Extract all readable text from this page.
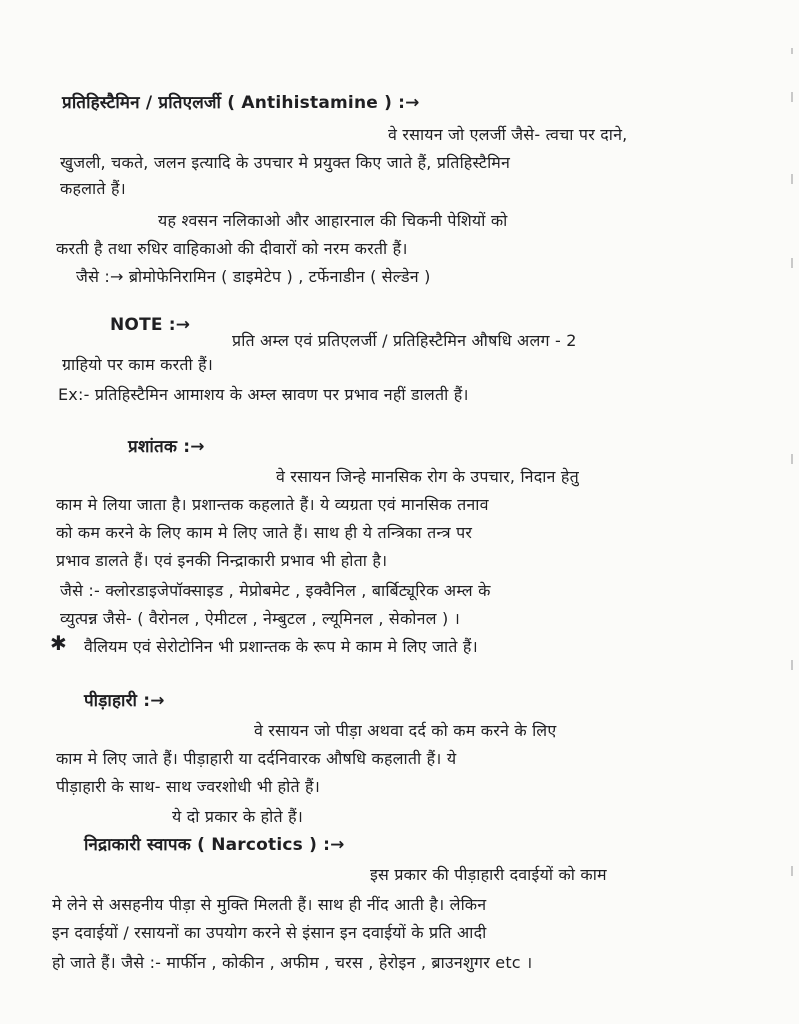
प्रतिहिस्टैमिन / प्रतिएलर्जी ( Antihistamine ) :→
वे रसायन जो एलर्जी जैसे- त्वचा पर दाने,
खुजली, चकते, जलन इत्यादि के उपचार मे प्रयुक्त किए जाते हैं, प्रतिहिस्टैमिन
कहलाते हैं।
यह श्वसन नलिकाओ और आहारनाल की चिकनी पेशियों को
करती है तथा रुधिर वाहिकाओ की दीवारों को नरम करती हैं।
जैसे :→ ब्रोमोफेनिरामिन ( डाइमेटेप ) , टर्फेनाडीन ( सेल्डेन )
NOTE :→
प्रति अम्ल एवं प्रतिएलर्जी / प्रतिहिस्टैमिन औषधि अलग - 2
ग्राहियो पर काम करती हैं।
Ex:- प्रतिहिस्टैमिन आमाशय के अम्ल स्रावण पर प्रभाव नहीं डालती हैं।
प्रशांतक :→
वे रसायन जिन्हे मानसिक रोग के उपचार, निदान हेतु
काम मे लिया जाता है। प्रशान्तक कहलाते हैं। ये व्यग्रता एवं मानसिक तनाव
को कम करने के लिए काम मे लिए जाते हैं। साथ ही ये तन्त्रिका तन्त्र पर
प्रभाव डालते हैं। एवं इनकी निन्द्राकारी प्रभाव भी होता है।
जैसे :- क्लोरडाइजेपॉक्साइड , मेप्रोबमेट , इक्वैनिल , बार्बिट्यूरिक अम्ल के
व्युत्पन्न जैसे- ( वैरोनल , ऐमीटल , नेम्बुटल , ल्यूमिनल , सेकोनल ) ।
✱ वैलियम एवं सेरोटोनिन भी प्रशान्तक के रूप मे काम मे लिए जाते हैं।
पीड़ाहारी :→
वे रसायन जो पीड़ा अथवा दर्द को कम करने के लिए
काम मे लिए जाते हैं। पीड़ाहारी या दर्दनिवारक औषधि कहलाती हैं। ये
पीड़ाहारी के साथ- साथ ज्वरशोधी भी होते हैं।
ये दो प्रकार के होते हैं।
निद्राकारी स्वापक ( Narcotics ) :→
इस प्रकार की पीड़ाहारी दवाईयों को काम
मे लेने से असहनीय पीड़ा से मुक्ति मिलती हैं। साथ ही नींद आती है। लेकिन
इन दवाईयों / रसायनों का उपयोग करने से इंसान इन दवाईयों के प्रति आदी
हो जाते हैं। जैसे :- मार्फीन , कोकीन , अफीम , चरस , हेरोइन , ब्राउनशुगर etc ।
